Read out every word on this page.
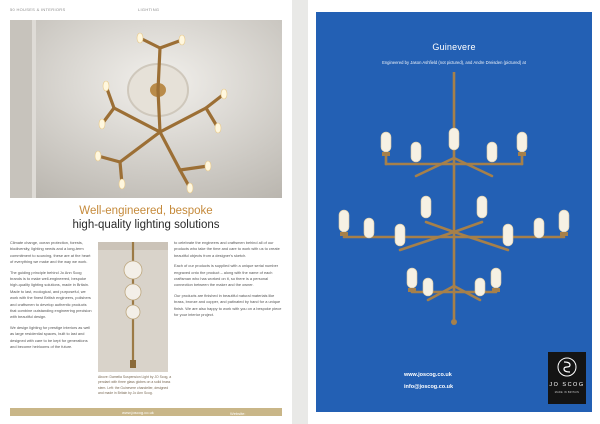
50 HOUSES & INTERIORS	LIGHTING
Well-engineered, bespoke
high-quality lighting solutions

Climate change, ocean protection, forests, biodiversity, lighting needs and a long-term commitment to sourcing, these are at the heart of everything we make and the way we work.

The guiding principle behind Jo Ann Scog brands is to make well-engineered, bespoke high-quality lighting solutions, made in Britain. Made to last, ecological, and purposeful, we work with the finest British engineers, polishers and craftsmen to develop authentic products that combine outstanding engineering precision with beautiful design.

We design lighting for prestige interiors as well as large residential spaces, built to last and designed with care to be kept for generations and become heirlooms of the future.

Above: Damelia Suspension Light by JO Scog, a pendant with three glass globes on a solid brass stem. Left: the Guinevere chandelier, designed and made in Britain by Jo Ann Scog.

to celebrate the engineers and craftsmen behind all of our products who take the time and care to work with us to create beautiful objects from a designer's sketch.

Each of our products is supplied with a unique serial number engraved onto the product – along with the name of each craftsman who has worked on it, so there is a personal connection between the maker and the owner.

Our products are finished in beautiful natural materials like brass, bronze and copper, and patinated by hand for a unique finish. We are also happy to work with you on a bespoke piece for your interior project.

Website:
www.joscog.co.uk
Guinevere
Engineered by Jason Ashfield (not pictured), and Andre Dreisden (pictured) at
www.joscog.co.uk
info@joscog.co.uk	JO SCOG
MADE IN BRITAIN
